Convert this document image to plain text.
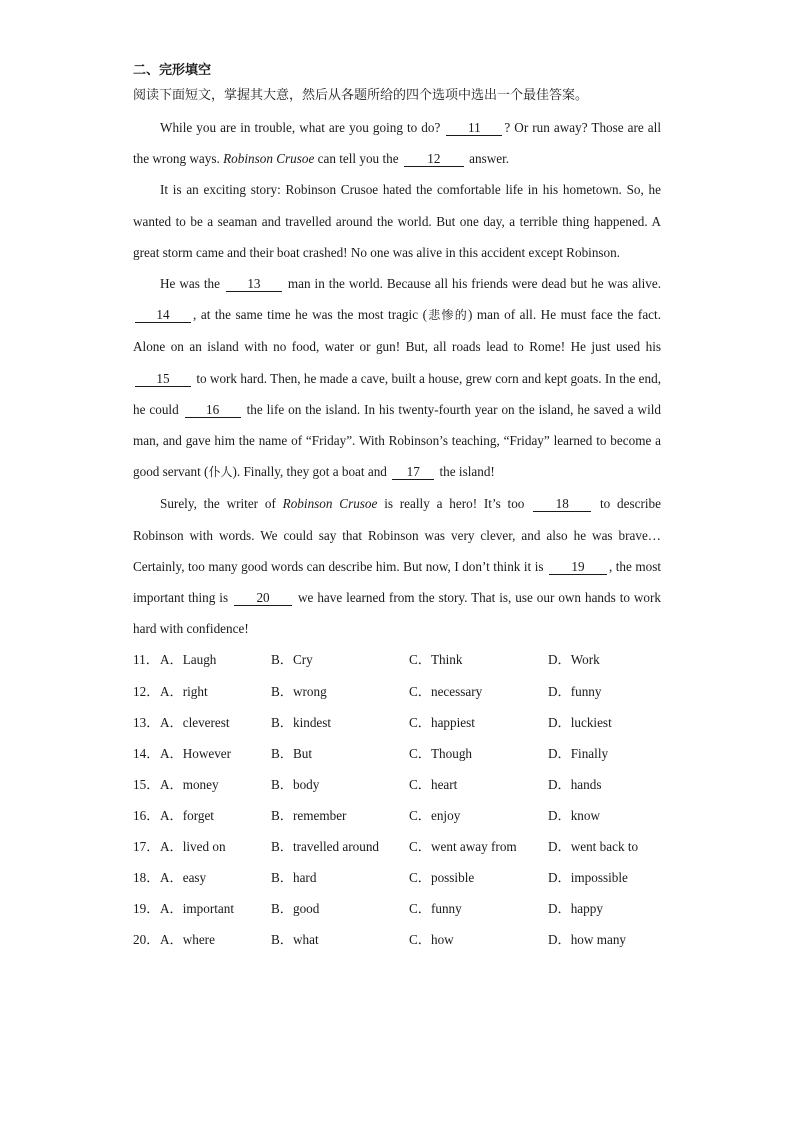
二、完形填空

阅读下面短文，掌握其大意，然后从各题所给的四个选项中选出一个最佳答案。

While you are in trouble, what are you going to do? 11 ? Or run away? Those are all the wrong ways. Robinson Crusoe can tell you the 12 answer.

It is an exciting story: Robinson Crusoe hated the comfortable life in his hometown. So, he wanted to be a seaman and travelled around the world. But one day, a terrible thing happened. A great storm came and their boat crashed! No one was alive in this accident except Robinson.

He was the 13 man in the world. Because all his friends were dead but he was alive. 14 , at the same time he was the most tragic (悲惨的) man of all. He must face the fact. Alone on an island with no food, water or gun! But, all roads lead to Rome! He just used his 15 to work hard. Then, he made a cave, built a house, grew corn and kept goats. In the end, he could 16 the life on the island. In his twenty-fourth year on the island, he saved a wild man, and gave him the name of “Friday”. With Robinson’s teaching, “Friday” learned to become a good servant (仆人). Finally, they got a boat and 17 the island!

Surely, the writer of Robinson Crusoe is really a hero! It’s too 18 to describe Robinson with words. We could say that Robinson was very clever, and also he was brave… Certainly, too many good words can describe him. But now, I don’t think it is 19 , the most important thing is 20 we have learned from the story. That is, use our own hands to work hard with confidence!

11． A．Laugh	B．Cry	C．Think	D．Work
12． A．right	B．wrong	C．necessary	D．funny
13． A．cleverest	B．kindest	C．happiest	D．luckiest
14． A．However	B．But	C．Though	D．Finally
15． A．money	B．body	C．heart	D．hands
16． A．forget	B．remember	C．enjoy	D．know
17． A．lived on	B．travelled around C．went away from D．went back to
18． A．easy	B．hard	C．possible	D．impossible
19． A．important	B．good	C．funny	D．happy
20． A．where	B．what	C．how	D．how many
